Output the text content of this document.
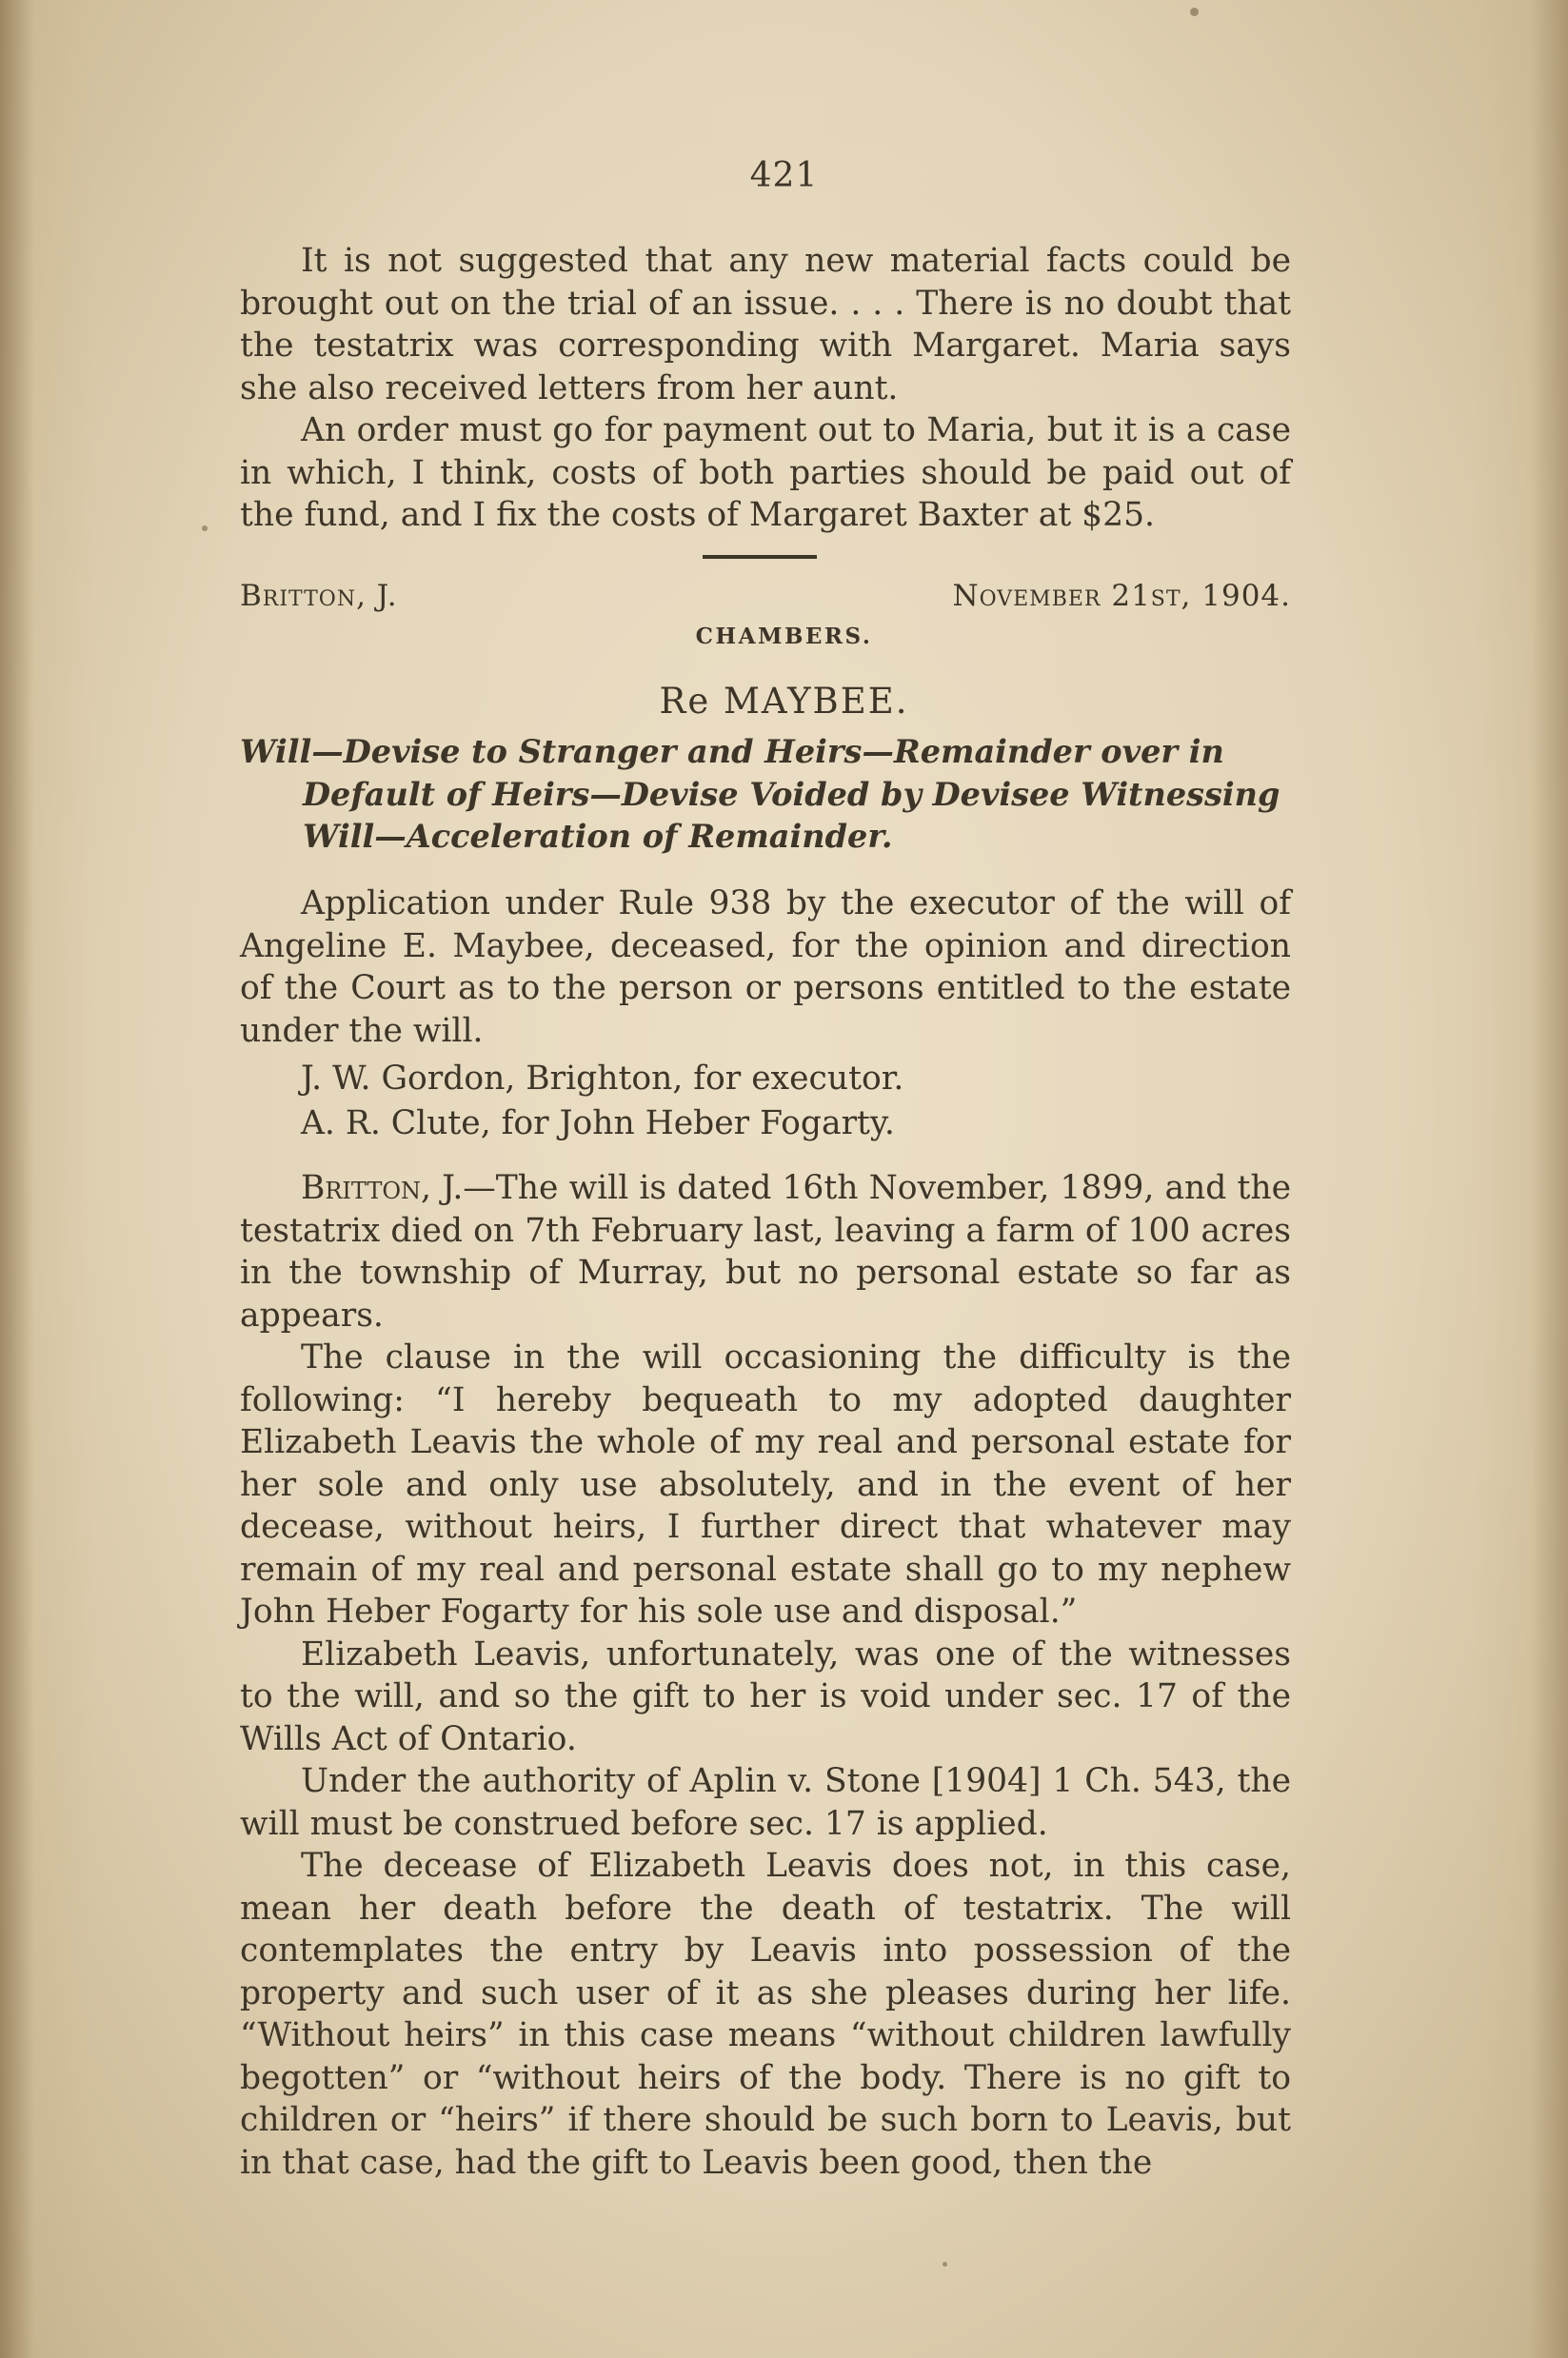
421

It is not suggested that any new material facts could be brought out on the trial of an issue. . . . There is no doubt that the testatrix was corresponding with Margaret. Maria says she also received letters from her aunt.

An order must go for payment out to Maria, but it is a case in which, I think, costs of both parties should be paid out of the fund, and I fix the costs of Margaret Baxter at $25.

Britton, J.	November 21st, 1904.
CHAMBERS.
Re MAYBEE.
Will—Devise to Stranger and Heirs—Remainder over in
Default of Heirs—Devise Voided by Devisee Witnessing
Will—Acceleration of Remainder.

Application under Rule 938 by the executor of the will of Angeline E. Maybee, deceased, for the opinion and direction of the Court as to the person or persons entitled to the estate under the will.

J. W. Gordon, Brighton, for executor.
A. R. Clute, for John Heber Fogarty.

Britton, J.—The will is dated 16th November, 1899, and the testatrix died on 7th February last, leaving a farm of 100 acres in the township of Murray, but no personal estate so far as appears.

The clause in the will occasioning the difficulty is the following: “I hereby bequeath to my adopted daughter Elizabeth Leavis the whole of my real and personal estate for her sole and only use absolutely, and in the event of her decease, without heirs, I further direct that whatever may remain of my real and personal estate shall go to my nephew John Heber Fogarty for his sole use and disposal.”

Elizabeth Leavis, unfortunately, was one of the witnesses to the will, and so the gift to her is void under sec. 17 of the Wills Act of Ontario.

Under the authority of Aplin v. Stone [1904] 1 Ch. 543, the will must be construed before sec. 17 is applied.

The decease of Elizabeth Leavis does not, in this case, mean her death before the death of testatrix. The will contemplates the entry by Leavis into possession of the property and such user of it as she pleases during her life. “Without heirs” in this case means “without children lawfully begotten” or “without heirs of the body. There is no gift to children or “heirs” if there should be such born to Leavis, but in that case, had the gift to Leavis been good, then the
